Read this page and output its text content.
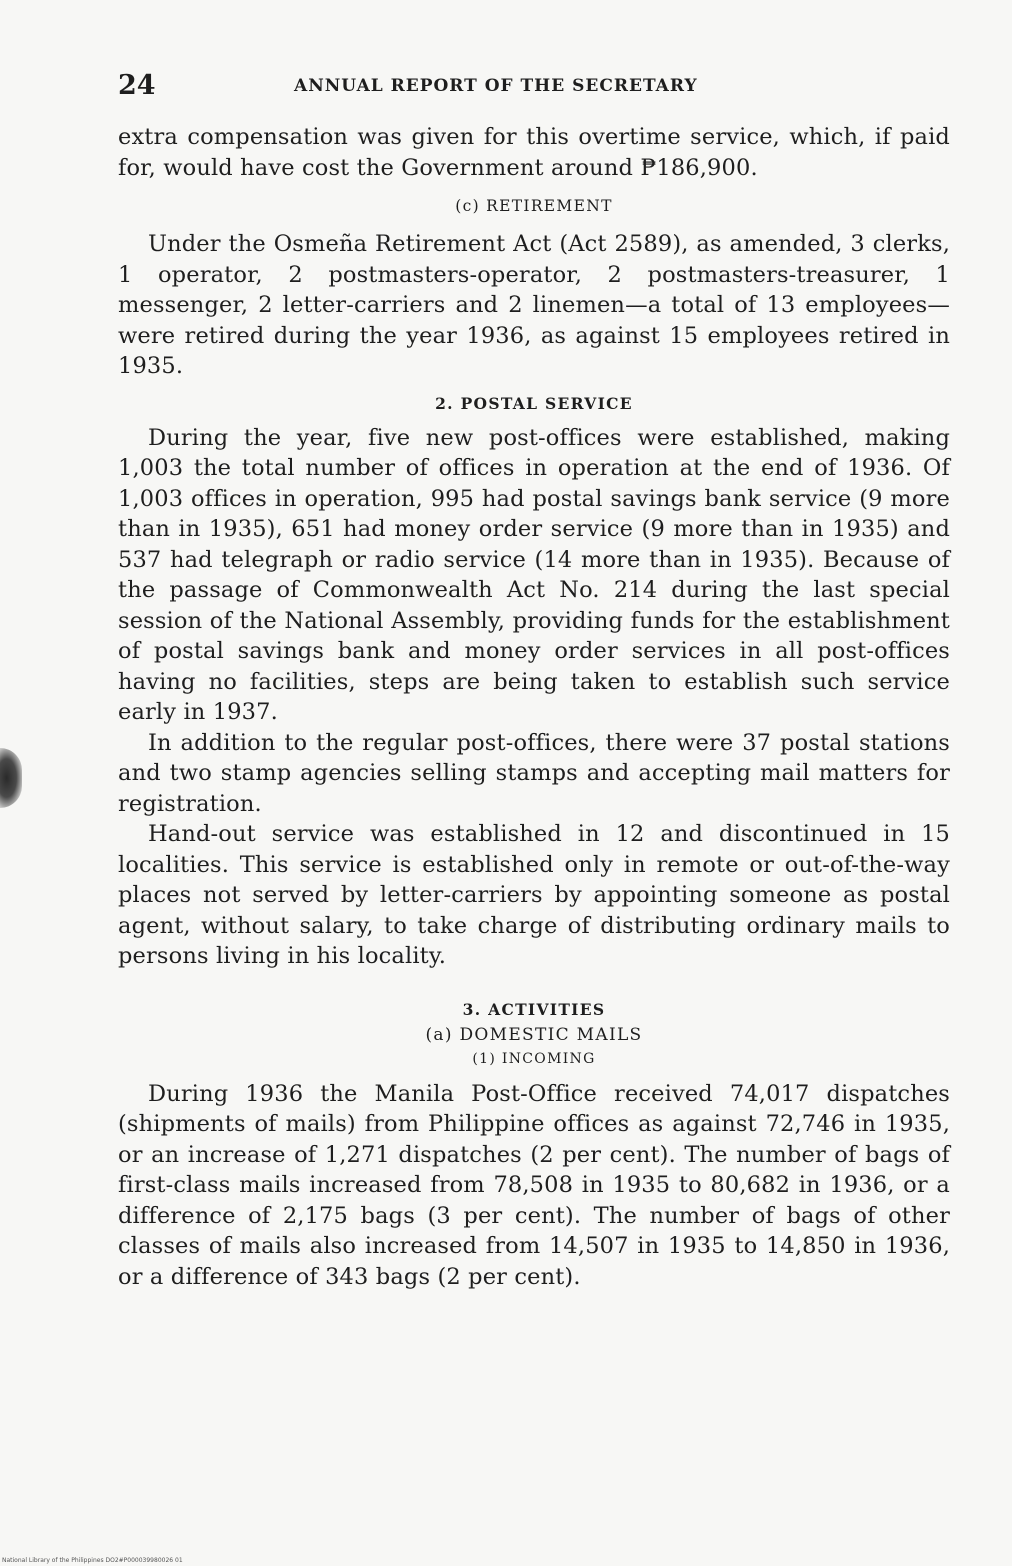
24	ANNUAL REPORT OF THE SECRETARY

extra compensation was given for this overtime service, which, if paid for, would have cost the Government around ₱186,900.

(c) RETIREMENT

Under the Osmeña Retirement Act (Act 2589), as amended, 3 clerks, 1 operator, 2 postmasters-operator, 2 postmasters-treasurer, 1 messenger, 2 letter-carriers and 2 linemen—a total of 13 employees—were retired during the year 1936, as against 15 employees retired in 1935.

2. POSTAL SERVICE

During the year, five new post-offices were established, making 1,003 the total number of offices in operation at the end of 1936. Of 1,003 offices in operation, 995 had postal savings bank service (9 more than in 1935), 651 had money order service (9 more than in 1935) and 537 had telegraph or radio service (14 more than in 1935). Because of the passage of Commonwealth Act No. 214 during the last special session of the National Assembly, providing funds for the establishment of postal savings bank and money order services in all post-offices having no facilities, steps are being taken to establish such service early in 1937.

In addition to the regular post-offices, there were 37 postal stations and two stamp agencies selling stamps and accepting mail matters for registration.

Hand-out service was established in 12 and discontinued in 15 localities. This service is established only in remote or out-of-the-way places not served by letter-carriers by appointing someone as postal agent, without salary, to take charge of distributing ordinary mails to persons living in his locality.

3. ACTIVITIES

(a) DOMESTIC MAILS

(1) INCOMING

During 1936 the Manila Post-Office received 74,017 dispatches (shipments of mails) from Philippine offices as against 72,746 in 1935, or an increase of 1,271 dispatches (2 per cent). The number of bags of first-class mails increased from 78,508 in 1935 to 80,682 in 1936, or a difference of 2,175 bags (3 per cent). The number of bags of other classes of mails also increased from 14,507 in 1935 to 14,850 in 1936, or a difference of 343 bags (2 per cent).

National Library of the Philippines DO2#P000039980026 01
